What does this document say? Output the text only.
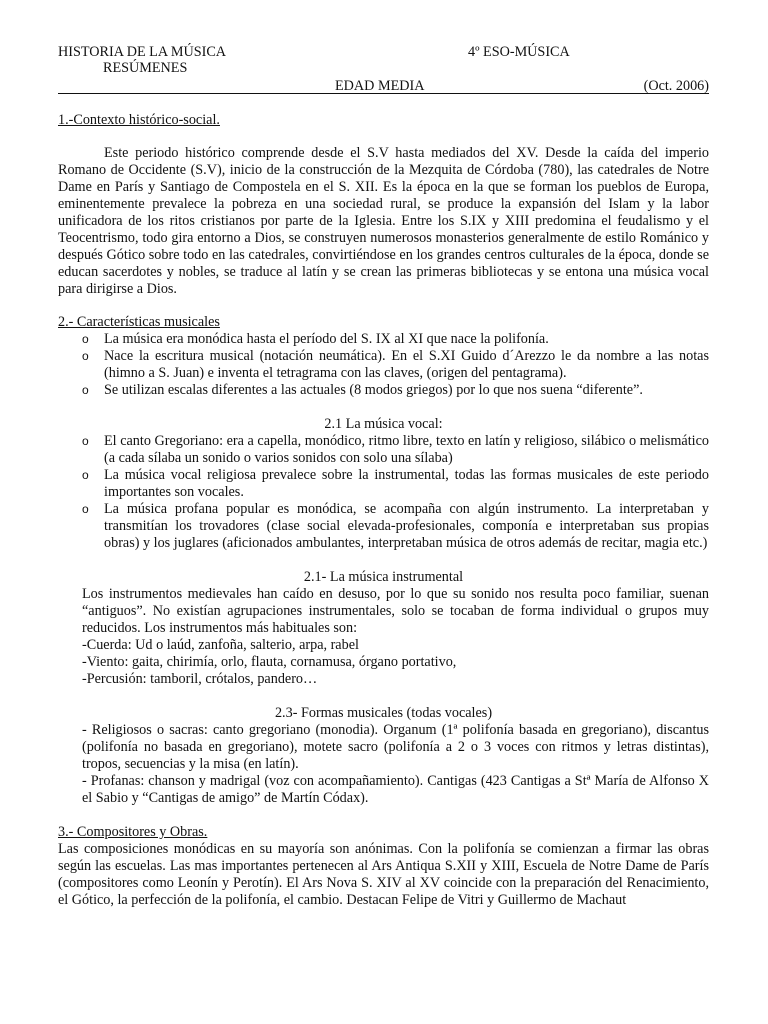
HISTORIA DE LA MÚSICA	4º ESO-MÚSICA
RESÚMENES
EDAD MEDIA	(Oct. 2006)
1.-Contexto histórico-social.

Este periodo histórico comprende desde el S.V hasta mediados del XV. Desde la caída del imperio Romano de Occidente (S.V), inicio de la construcción de la Mezquita de Córdoba (780), las catedrales de Notre Dame en París y Santiago de Compostela en el S. XII. Es la época en la que se forman los pueblos de Europa, eminentemente prevalece la pobreza en una sociedad rural, se produce la expansión del Islam y la labor unificadora de los ritos cristianos por parte de la Iglesia. Entre los S.IX y XIII predomina el feudalismo y el Teocentrismo, todo gira entorno a Dios, se construyen numerosos monasterios generalmente de estilo Románico y después Gótico sobre todo en las catedrales, convirtiéndose en los grandes centros culturales de la época, donde se educan sacerdotes y nobles, se traduce al latín y se crean las primeras bibliotecas y se entona una música vocal para dirigirse a Dios.

2.- Características musicales
o La música era monódica hasta el período del S. IX al XI que nace la polifonía.
o Nace la escritura musical (notación neumática). En el S.XI Guido d´Arezzo le da nombre a las notas (himno a S. Juan) e inventa el tetragrama con las claves, (origen del pentagrama).
o Se utilizan escalas diferentes a las actuales (8 modos griegos) por lo que nos suena “diferente”.
2.1 La música vocal:
o El canto Gregoriano: era a capella, monódico, ritmo libre, texto en latín y religioso, silábico o melismático (a cada sílaba un sonido o varios sonidos con solo una sílaba)
o La música vocal religiosa prevalece sobre la instrumental, todas las formas musicales de este periodo importantes son vocales.
o La música profana popular es monódica, se acompaña con algún instrumento. La interpretaban y transmitían los trovadores (clase social elevada-profesionales, componía e interpretaban sus propias obras) y los juglares (aficionados ambulantes, interpretaban música de otros además de recitar, magia etc.)
2.1- La música instrumental

Los instrumentos medievales han caído en desuso, por lo que su sonido nos resulta poco familiar, suenan “antiguos”. No existían agrupaciones instrumentales, solo se tocaban de forma individual o grupos muy reducidos. Los instrumentos más habituales son:

-Cuerda: Ud o laúd, zanfoña, salterio, arpa, rabel
-Viento: gaita, chirimía, orlo, flauta, cornamusa, órgano portativo,
-Percusión: tamboril, crótalos, pandero…
2.3- Formas musicales (todas vocales)

- Religiosos o sacras: canto gregoriano (monodia). Organum (1ª polifonía basada en gregoriano), discantus (polifonía no basada en gregoriano), motete sacro (polifonía a 2 o 3 voces con ritmos y letras distintas), tropos, secuencias y la misa (en latín).

- Profanas: chanson y madrigal (voz con acompañamiento). Cantigas (423 Cantigas a Stª María de Alfonso X el Sabio y “Cantigas de amigo” de Martín Códax).

3.- Compositores y Obras.

Las composiciones monódicas en su mayoría son anónimas. Con la polifonía se comienzan a firmar las obras según las escuelas. Las mas importantes pertenecen al Ars Antiqua S.XII y XIII, Escuela de Notre Dame de París (compositores como Leonín y Perotín). El Ars Nova S. XIV al XV coincide con la preparación del Renacimiento, el Gótico, la perfección de la polifonía, el cambio. Destacan Felipe de Vitri y Guillermo de Machaut
